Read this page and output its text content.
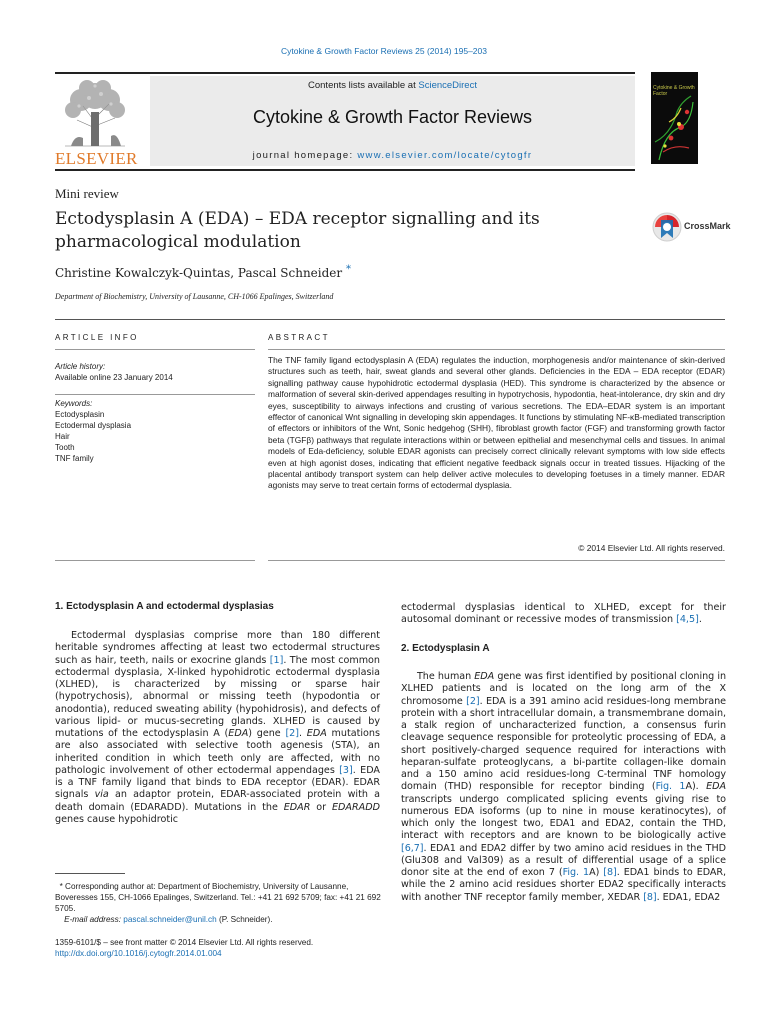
Cytokine & Growth Factor Reviews 25 (2014) 195–203
ELSEVIER
Contents lists available at ScienceDirect
Cytokine & Growth Factor Reviews
journal homepage: www.elsevier.com/locate/cytogfr
Cytokine & Growth Factor
Mini review
Ectodysplasin A (EDA) – EDA receptor signalling and its pharmacological modulation
CrossMark
Christine Kowalczyk-Quintas, Pascal Schneider *
Department of Biochemistry, University of Lausanne, CH-1066 Epalinges, Switzerland
ARTICLE INFO	ABSTRACT
Article history:
Available online 23 January 2014
Keywords:
Ectodysplasin
Ectodermal dysplasia
Hair
Tooth
TNF family
The TNF family ligand ectodysplasin A (EDA) regulates the induction, morphogenesis and/or maintenance of skin-derived structures such as teeth, hair, sweat glands and several other glands. Deficiencies in the EDA – EDA receptor (EDAR) signalling pathway cause hypohidrotic ectodermal dysplasia (HED). This syndrome is characterized by the absence or malformation of several skin-derived appendages resulting in hypotrychosis, hypodontia, heat-intolerance, dry skin and dry eyes, susceptibility to airways infections and crusting of various secretions. The EDA–EDAR system is an important effector of canonical Wnt signalling in developing skin appendages. It functions by stimulating NF-κB-mediated transcription of effectors or inhibitors of the Wnt, Sonic hedgehog (SHH), fibroblast growth factor (FGF) and transforming growth factor beta (TGFβ) pathways that regulate interactions within or between epithelial and mesenchymal cells and tissues. In animal models of Eda-deficiency, soluble EDAR agonists can precisely correct clinically relevant symptoms with low side effects even at high agonist doses, indicating that efficient negative feedback signals occur in treated tissues. Hijacking of the placental antibody transport system can help deliver active molecules to developing foetuses in a timely manner. EDAR agonists may serve to treat certain forms of ectodermal dysplasia.
© 2014 Elsevier Ltd. All rights reserved.
1. Ectodysplasin A and ectodermal dysplasias

Ectodermal dysplasias comprise more than 180 different heritable syndromes affecting at least two ectodermal structures such as hair, teeth, nails or exocrine glands [1]. The most common ectodermal dysplasia, X-linked hypohidrotic ectodermal dysplasia (XLHED), is characterized by missing or sparse hair (hypotrychosis), abnormal or missing teeth (hypodontia or anodontia), reduced sweating ability (hypohidrosis), and defects of various lipid- or mucus-secreting glands. XLHED is caused by mutations of the ectodysplasin A (EDA) gene [2]. EDA mutations are also associated with selective tooth agenesis (STA), an inherited condition in which teeth only are affected, with no pathologic involvement of other ectodermal appendages [3]. EDA is a TNF family ligand that binds to EDA receptor (EDAR). EDAR signals via an adaptor protein, EDAR-associated protein with a death domain (EDARADD). Mutations in the EDAR or EDARADD genes cause hypohidrotic

ectodermal dysplasias identical to XLHED, except for their autosomal dominant or recessive modes of transmission [4,5].

2. Ectodysplasin A

The human EDA gene was first identified by positional cloning in XLHED patients and is located on the long arm of the X chromosome [2]. EDA is a 391 amino acid residues-long membrane protein with a short intracellular domain, a transmembrane domain, a stalk region of uncharacterized function, a consensus furin cleavage sequence responsible for proteolytic processing of EDA, a short positively-charged sequence required for interactions with heparan-sulfate proteoglycans, a bi-partite collagen-like domain and a 150 amino acid residues-long C-terminal TNF homology domain (THD) responsible for receptor binding (Fig. 1A). EDA transcripts undergo complicated splicing events giving rise to numerous EDA isoforms (up to nine in mouse keratinocytes), of which only the longest two, EDA1 and EDA2, contain the THD, interact with receptors and are known to be biologically active [6,7]. EDA1 and EDA2 differ by two amino acid residues in the THD (Glu308 and Val309) as a result of differential usage of a splice donor site at the end of exon 7 (Fig. 1A) [8]. EDA1 binds to EDAR, while the 2 amino acid residues shorter EDA2 specifically interacts with another TNF receptor family member, XEDAR [8]. EDA1, EDA2

* Corresponding author at: Department of Biochemistry, University of Lausanne, Boveresses 155, CH-1066 Epalinges, Switzerland. Tel.: +41 21 692 5709; fax: +41 21 692 5705.
E-mail address: pascal.schneider@unil.ch (P. Schneider).
1359-6101/$ – see front matter © 2014 Elsevier Ltd. All rights reserved.
http://dx.doi.org/10.1016/j.cytogfr.2014.01.004
